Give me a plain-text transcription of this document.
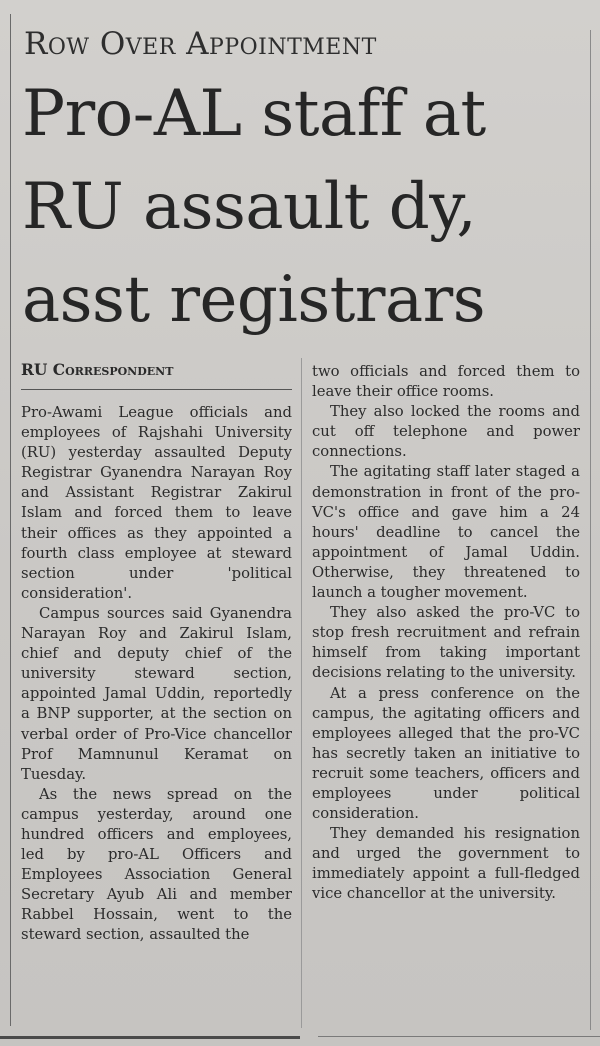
Row Over Appointment
Pro-AL staff at
RU assault dy,
asst registrars
RU Correspondent

Pro-Awami League officials and employees of Rajshahi University (RU) yesterday assaulted Deputy Registrar Gyanendra Narayan Roy and Assistant Registrar Zakirul Islam and forced them to leave their offices as they appointed a fourth class employee at steward section under 'political consideration'.

Campus sources said Gyanendra Narayan Roy and Zakirul Islam, chief and deputy chief of the university steward section, appointed Jamal Uddin, reportedly a BNP supporter, at the section on verbal order of Pro-Vice chancellor Prof Mamnunul Keramat on Tuesday.

As the news spread on the campus yesterday, around one hundred officers and employees, led by pro-AL Officers and Employees Association General Secretary Ayub Ali and member Rabbel Hossain, went to the steward section, assaulted the

two officials and forced them to leave their office rooms.

They also locked the rooms and cut off telephone and power connections.

The agitating staff later staged a demonstration in front of the pro-VC's office and gave him a 24 hours' deadline to cancel the appointment of Jamal Uddin. Otherwise, they threatened to launch a tougher movement.

They also asked the pro-VC to stop fresh recruitment and refrain himself from taking important decisions relating to the university.

At a press conference on the campus, the agitating officers and employees alleged that the pro-VC has secretly taken an initiative to recruit some teachers, officers and employees under political consideration.

They demanded his resignation and urged the government to immediately appoint a full-fledged vice chancellor at the university.
